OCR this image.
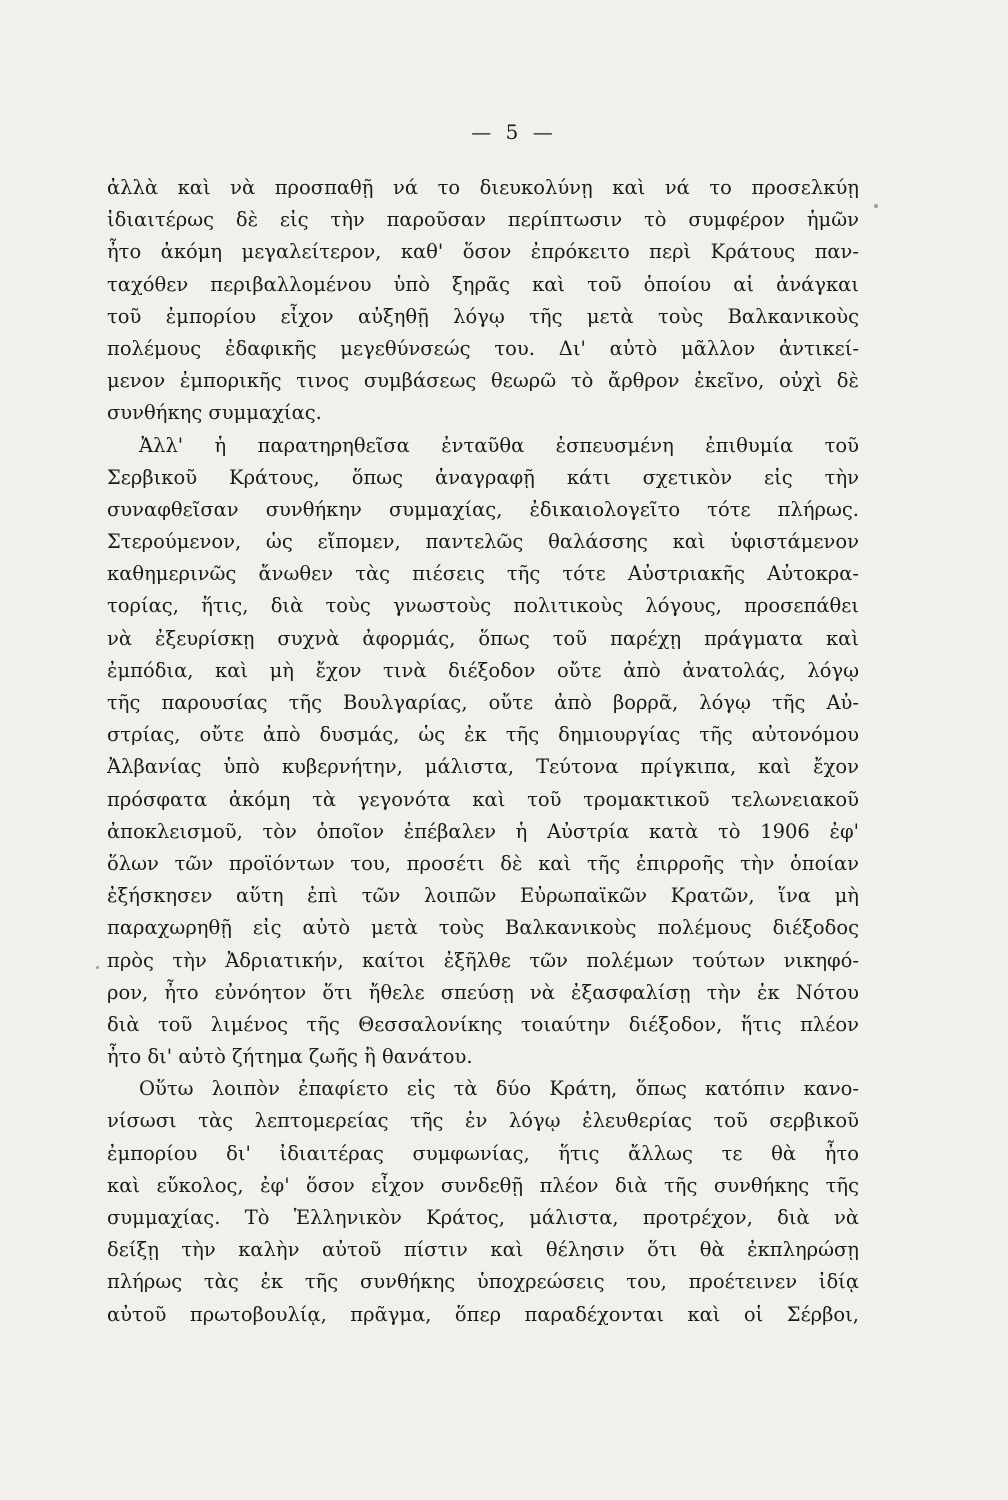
— 5 —
ἀλλὰ καὶ νὰ προσπαθῇ νά το διευκολύνῃ καὶ νά το προσελκύῃ
ἰδιαιτέρως δὲ εἰς τὴν παροῦσαν περίπτωσιν τὸ συμφέρον ἡμῶν
ἦτο ἀκόμη μεγαλείτερον, καθ' ὅσον ἐπρόκειτο περὶ Κράτους παν-
ταχόθεν περιβαλλομένου ὑπὸ ξηρᾶς καὶ τοῦ ὁποίου αἱ ἀνάγκαι
τοῦ ἐμπορίου εἶχον αὐξηθῇ λόγῳ τῆς μετὰ τοὺς Βαλκανικοὺς
πολέμους ἐδαφικῆς μεγεθύνσεώς του. Δι' αὐτὸ μᾶλλον ἀντικεί-
μενον ἐμπορικῆς τινος συμβάσεως θεωρῶ τὸ ἄρθρον ἐκεῖνο, οὐχὶ δὲ
συνθήκης συμμαχίας.
Ἀλλ' ἡ παρατηρηθεῖσα ἐνταῦθα ἐσπευσμένη ἐπιθυμία τοῦ
Σερβικοῦ Κράτους, ὅπως ἀναγραφῇ κάτι σχετικὸν εἰς τὴν
συναφθεῖσαν συνθήκην συμμαχίας, ἐδικαιολογεῖτο τότε πλήρως.
Στερούμενον, ὡς εἴπομεν, παντελῶς θαλάσσης καὶ ὑφιστάμενον
καθημερινῶς ἄνωθεν τὰς πιέσεις τῆς τότε Αὐστριακῆς Αὐτοκρα-
τορίας, ἥτις, διὰ τοὺς γνωστοὺς πολιτικοὺς λόγους, προσεπάθει
νὰ ἐξευρίσκῃ συχνὰ ἀφορμάς, ὅπως τοῦ παρέχῃ πράγματα καὶ
ἐμπόδια, καὶ μὴ ἔχον τινὰ διέξοδον οὔτε ἀπὸ ἀνατολάς, λόγῳ
τῆς παρουσίας τῆς Βουλγαρίας, οὔτε ἀπὸ βορρᾶ, λόγῳ τῆς Αὐ-
στρίας, οὔτε ἀπὸ δυσμάς, ὡς ἐκ τῆς δημιουργίας τῆς αὐτονόμου
Ἀλβανίας ὑπὸ κυβερνήτην, μάλιστα, Τεύτονα πρίγκιπα, καὶ ἔχον
πρόσφατα ἀκόμη τὰ γεγονότα καὶ τοῦ τρομακτικοῦ τελωνειακοῦ
ἀποκλεισμοῦ, τὸν ὁποῖον ἐπέβαλεν ἡ Αὐστρία κατὰ τὸ 1906 ἐφ'
ὅλων τῶν προϊόντων του, προσέτι δὲ καὶ τῆς ἐπιρροῆς τὴν ὁποίαν
ἐξήσκησεν αὕτη ἐπὶ τῶν λοιπῶν Εὐρωπαϊκῶν Κρατῶν, ἵνα μὴ
παραχωρηθῇ εἰς αὐτὸ μετὰ τοὺς Βαλκανικοὺς πολέμους διέξοδος
πρὸς τὴν Ἀδριατικήν, καίτοι ἐξῆλθε τῶν πολέμων τούτων νικηφό-
ρον, ἦτο εὐνόητον ὅτι ἤθελε σπεύσῃ νὰ ἐξασφαλίσῃ τὴν ἐκ Νότου
διὰ τοῦ λιμένος τῆς Θεσσαλονίκης τοιαύτην διέξοδον, ἥτις πλέον
ἦτο δι' αὐτὸ ζήτημα ζωῆς ἢ θανάτου.
Οὕτω λοιπὸν ἐπαφίετο εἰς τὰ δύο Κράτη, ὅπως κατόπιν κανο-
νίσωσι τὰς λεπτομερείας τῆς ἐν λόγῳ ἐλευθερίας τοῦ σερβικοῦ
ἐμπορίου δι' ἰδιαιτέρας συμφωνίας, ἥτις ἄλλως τε θὰ ἦτο
καὶ εὔκολος, ἐφ' ὅσον εἶχον συνδεθῇ πλέον διὰ τῆς συνθήκης τῆς
συμμαχίας. Τὸ Ἑλληνικὸν Κράτος, μάλιστα, προτρέχον, διὰ νὰ
δείξῃ τὴν καλὴν αὐτοῦ πίστιν καὶ θέλησιν ὅτι θὰ ἐκπληρώσῃ
πλήρως τὰς ἐκ τῆς συνθήκης ὑποχρεώσεις του, προέτεινεν ἰδίᾳ
αὐτοῦ πρωτοβουλίᾳ, πρᾶγμα, ὅπερ παραδέχονται καὶ οἱ Σέρβοι,
